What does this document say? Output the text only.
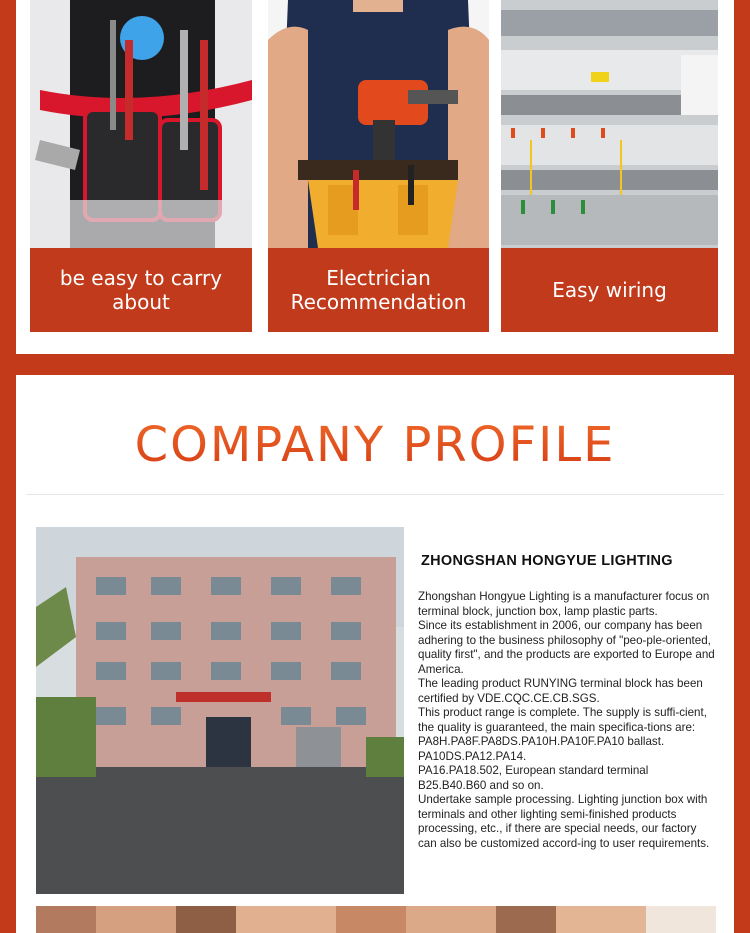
be easy to carry about
Electrician Recommendation	Easy wiring
COMPANY PROFILE
ZHONGSHAN HONGYUE LIGHTING

Zhongshan Hongyue Lighting is a manufacturer focus on

terminal block, junction box, lamp plastic parts.

Since its establishment in 2006, our company has been adhering to the business philosophy of "peo-ple-oriented, quality first", and the products are exported to Europe and America.

The leading product RUNYING terminal block has been certified by VDE.CQC.CE.CB.SGS.

This product range is complete. The supply is suffi-cient, the quality is guaranteed, the main specifica-tions are: PA8H.PA8F.PA8DS.PA10H.PA10F.PA10 ballast. PA10DS.PA12.PA14.

PA16.PA18.502, European standard terminal B25.B40.B60 and so on.

Undertake sample processing. Lighting junction box with terminals and other lighting semi-finished products processing, etc., if there are special needs, our factory can also be customized accord-ing to user requirements.
